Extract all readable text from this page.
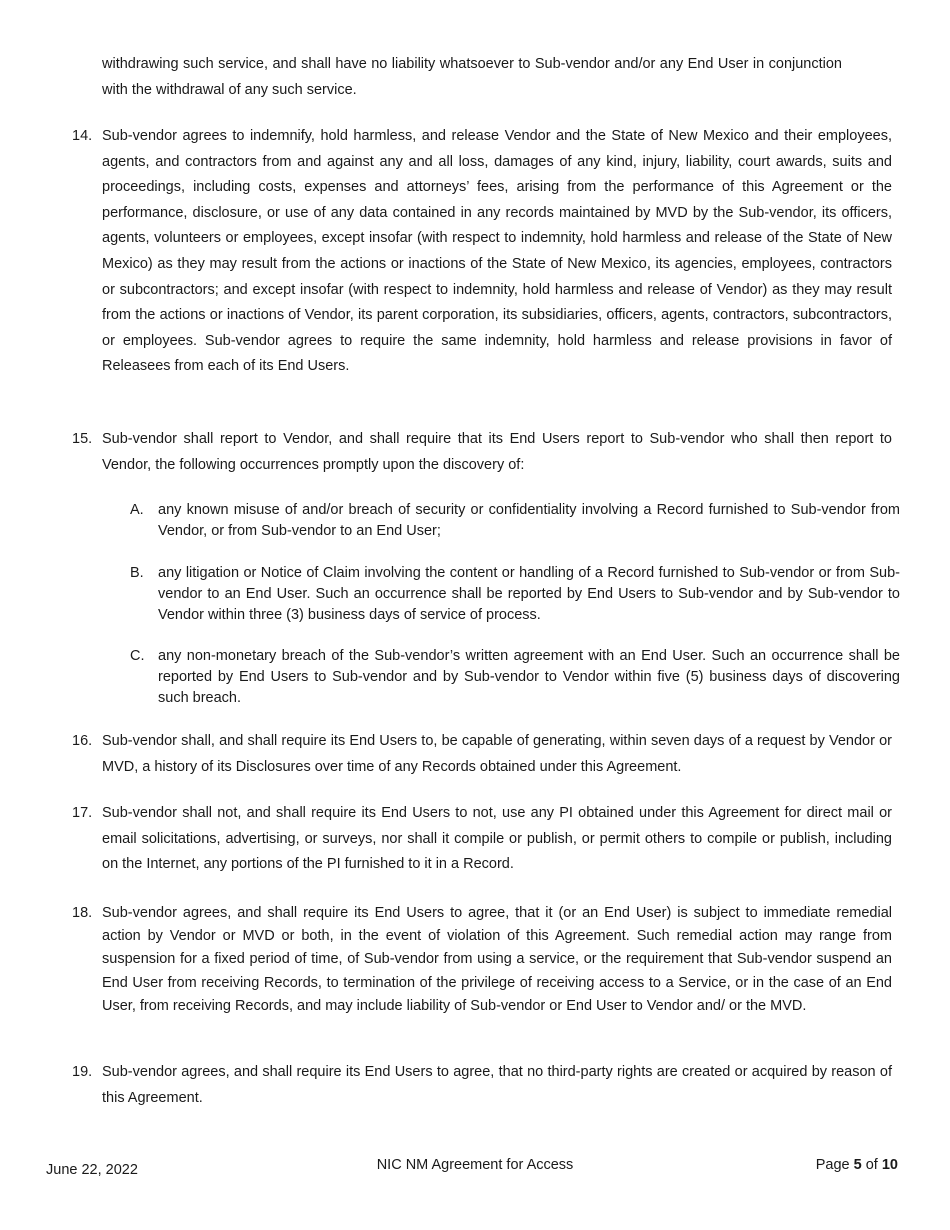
withdrawing such service, and shall have no liability whatsoever to Sub-vendor and/or any End User in conjunction with the withdrawal of any such service.

14. Sub-vendor agrees to indemnify, hold harmless, and release Vendor and the State of New Mexico and their employees, agents, and contractors from and against any and all loss, damages of any kind, injury, liability, court awards, suits and proceedings, including costs, expenses and attorneys’ fees, arising from the performance of this Agreement or the performance, disclosure, or use of any data contained in any records maintained by MVD by the Sub-vendor, its officers, agents, volunteers or employees, except insofar (with respect to indemnity, hold harmless and release of the State of New Mexico) as they may result from the actions or inactions of the State of New Mexico, its agencies, employees, contractors or subcontractors; and except insofar (with respect to indemnity, hold harmless and release of Vendor) as they may result from the actions or inactions of Vendor, its parent corporation, its subsidiaries, officers, agents, contractors, subcontractors, or employees. Sub-vendor agrees to require the same indemnity, hold harmless and release provisions in favor of Releasees from each of its End Users.
15. Sub-vendor shall report to Vendor, and shall require that its End Users report to Sub-vendor who shall then report to Vendor, the following occurrences promptly upon the discovery of:
A. any known misuse of and/or breach of security or confidentiality involving a Record furnished to Sub-vendor from Vendor, or from Sub-vendor to an End User;
B. any litigation or Notice of Claim involving the content or handling of a Record furnished to Sub-vendor or from Sub-vendor to an End User. Such an occurrence shall be reported by End Users to Sub-vendor and by Sub-vendor to Vendor within three (3) business days of service of process.
C. any non-monetary breach of the Sub-vendor’s written agreement with an End User. Such an occurrence shall be reported by End Users to Sub-vendor and by Sub-vendor to Vendor within five (5) business days of discovering such breach.
16. Sub-vendor shall, and shall require its End Users to, be capable of generating, within seven days of a request by Vendor or MVD, a history of its Disclosures over time of any Records obtained under this Agreement.
17. Sub-vendor shall not, and shall require its End Users to not, use any PI obtained under this Agreement for direct mail or email solicitations, advertising, or surveys, nor shall it compile or publish, or permit others to compile or publish, including on the Internet, any portions of the PI furnished to it in a Record.
18. Sub-vendor agrees, and shall require its End Users to agree, that it (or an End User) is subject to immediate remedial action by Vendor or MVD or both, in the event of violation of this Agreement. Such remedial action may range from suspension for a fixed period of time, of Sub-vendor from using a service, or the requirement that Sub-vendor suspend an End User from receiving Records, to termination of the privilege of receiving access to a Service, or in the case of an End User, from receiving Records, and may include liability of Sub-vendor or End User to Vendor and/ or the MVD.
19. Sub-vendor agrees, and shall require its End Users to agree, that no third-party rights are created or acquired by reason of this Agreement.
June 22, 2022	NIC NM Agreement for Access	Page 5 of 10
